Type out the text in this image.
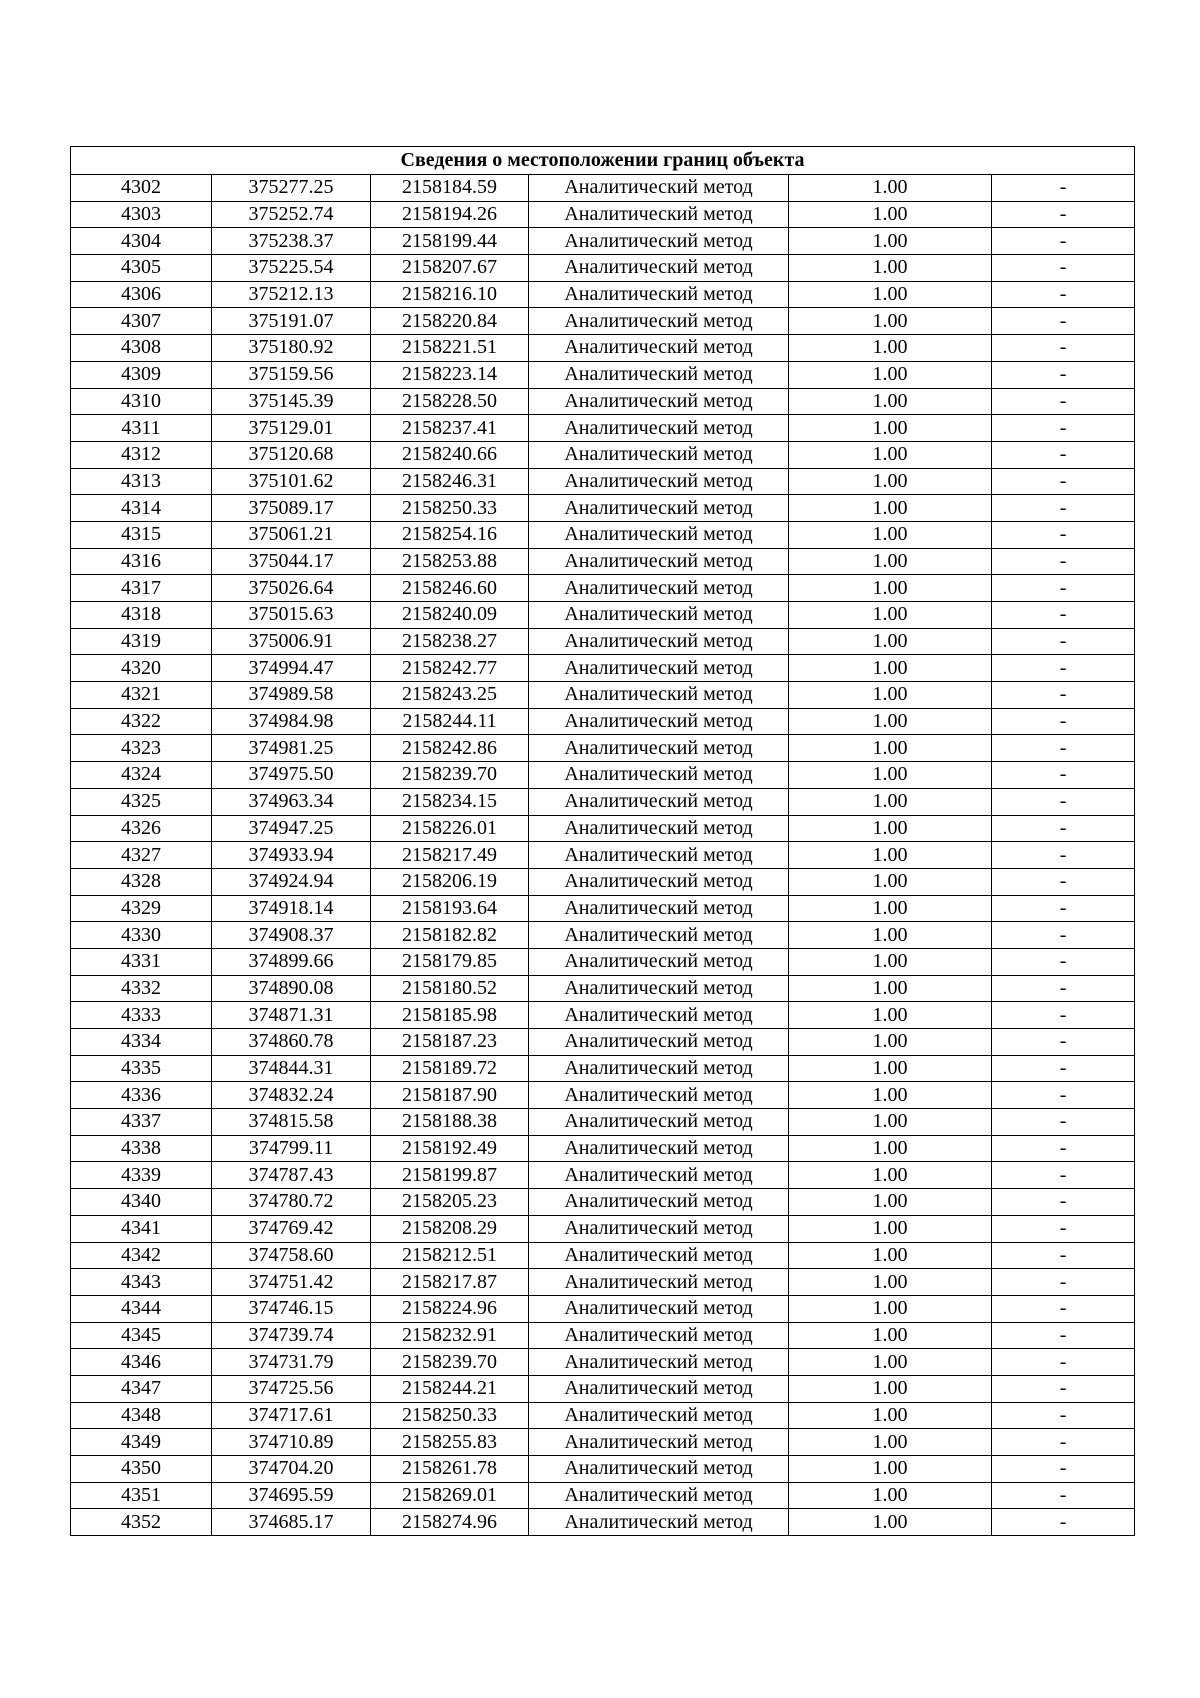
Сведения о местоположении границ объекта					
4302	375277.25	2158184.59	Аналитический метод	1.00	-
4303	375252.74	2158194.26	Аналитический метод	1.00	-
4304	375238.37	2158199.44	Аналитический метод	1.00	-
4305	375225.54	2158207.67	Аналитический метод	1.00	-
4306	375212.13	2158216.10	Аналитический метод	1.00	-
4307	375191.07	2158220.84	Аналитический метод	1.00	-
4308	375180.92	2158221.51	Аналитический метод	1.00	-
4309	375159.56	2158223.14	Аналитический метод	1.00	-
4310	375145.39	2158228.50	Аналитический метод	1.00	-
4311	375129.01	2158237.41	Аналитический метод	1.00	-
4312	375120.68	2158240.66	Аналитический метод	1.00	-
4313	375101.62	2158246.31	Аналитический метод	1.00	-
4314	375089.17	2158250.33	Аналитический метод	1.00	-
4315	375061.21	2158254.16	Аналитический метод	1.00	-
4316	375044.17	2158253.88	Аналитический метод	1.00	-
4317	375026.64	2158246.60	Аналитический метод	1.00	-
4318	375015.63	2158240.09	Аналитический метод	1.00	-
4319	375006.91	2158238.27	Аналитический метод	1.00	-
4320	374994.47	2158242.77	Аналитический метод	1.00	-
4321	374989.58	2158243.25	Аналитический метод	1.00	-
4322	374984.98	2158244.11	Аналитический метод	1.00	-
4323	374981.25	2158242.86	Аналитический метод	1.00	-
4324	374975.50	2158239.70	Аналитический метод	1.00	-
4325	374963.34	2158234.15	Аналитический метод	1.00	-
4326	374947.25	2158226.01	Аналитический метод	1.00	-
4327	374933.94	2158217.49	Аналитический метод	1.00	-
4328	374924.94	2158206.19	Аналитический метод	1.00	-
4329	374918.14	2158193.64	Аналитический метод	1.00	-
4330	374908.37	2158182.82	Аналитический метод	1.00	-
4331	374899.66	2158179.85	Аналитический метод	1.00	-
4332	374890.08	2158180.52	Аналитический метод	1.00	-
4333	374871.31	2158185.98	Аналитический метод	1.00	-
4334	374860.78	2158187.23	Аналитический метод	1.00	-
4335	374844.31	2158189.72	Аналитический метод	1.00	-
4336	374832.24	2158187.90	Аналитический метод	1.00	-
4337	374815.58	2158188.38	Аналитический метод	1.00	-
4338	374799.11	2158192.49	Аналитический метод	1.00	-
4339	374787.43	2158199.87	Аналитический метод	1.00	-
4340	374780.72	2158205.23	Аналитический метод	1.00	-
4341	374769.42	2158208.29	Аналитический метод	1.00	-
4342	374758.60	2158212.51	Аналитический метод	1.00	-
4343	374751.42	2158217.87	Аналитический метод	1.00	-
4344	374746.15	2158224.96	Аналитический метод	1.00	-
4345	374739.74	2158232.91	Аналитический метод	1.00	-
4346	374731.79	2158239.70	Аналитический метод	1.00	-
4347	374725.56	2158244.21	Аналитический метод	1.00	-
4348	374717.61	2158250.33	Аналитический метод	1.00	-
4349	374710.89	2158255.83	Аналитический метод	1.00	-
4350	374704.20	2158261.78	Аналитический метод	1.00	-
4351	374695.59	2158269.01	Аналитический метод	1.00	-
4352	374685.17	2158274.96	Аналитический метод	1.00	-
